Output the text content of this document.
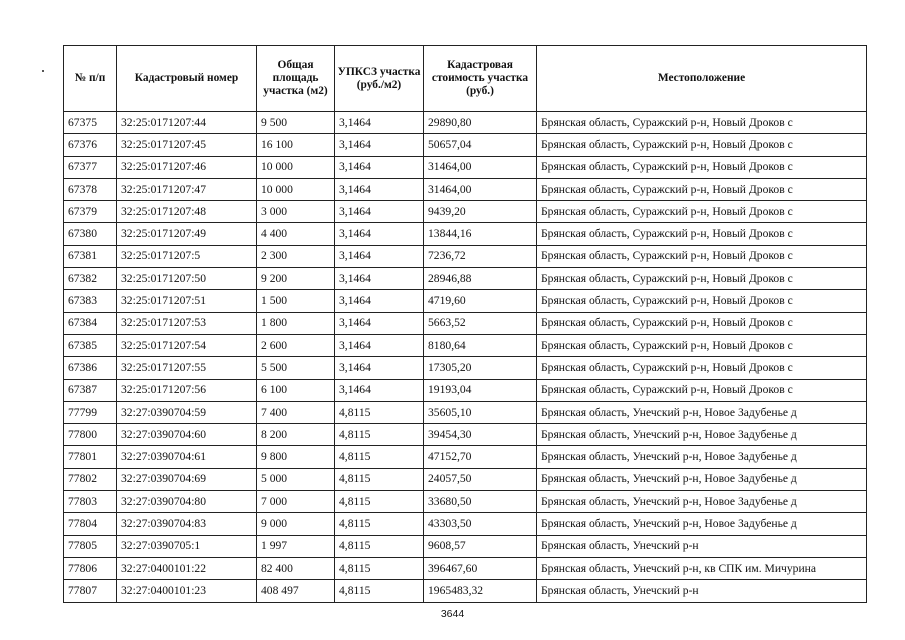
№ п/п	Кадастровый номер	Общая площадь участка (м2)	УПКСЗ участка (руб./м2)	Кадастровая стоимость участка (руб.)	Местоположение
67375	32:25:0171207:44	9 500	3,1464	29890,80	Брянская область, Суражский р-н, Новый Дроков с
67376	32:25:0171207:45	16 100	3,1464	50657,04	Брянская область, Суражский р-н, Новый Дроков с
67377	32:25:0171207:46	10 000	3,1464	31464,00	Брянская область, Суражский р-н, Новый Дроков с
67378	32:25:0171207:47	10 000	3,1464	31464,00	Брянская область, Суражский р-н, Новый Дроков с
67379	32:25:0171207:48	3 000	3,1464	9439,20	Брянская область, Суражский р-н, Новый Дроков с
67380	32:25:0171207:49	4 400	3,1464	13844,16	Брянская область, Суражский р-н, Новый Дроков с
67381	32:25:0171207:5	2 300	3,1464	7236,72	Брянская область, Суражский р-н, Новый Дроков с
67382	32:25:0171207:50	9 200	3,1464	28946,88	Брянская область, Суражский р-н, Новый Дроков с
67383	32:25:0171207:51	1 500	3,1464	4719,60	Брянская область, Суражский р-н, Новый Дроков с
67384	32:25:0171207:53	1 800	3,1464	5663,52	Брянская область, Суражский р-н, Новый Дроков с
67385	32:25:0171207:54	2 600	3,1464	8180,64	Брянская область, Суражский р-н, Новый Дроков с
67386	32:25:0171207:55	5 500	3,1464	17305,20	Брянская область, Суражский р-н, Новый Дроков с
67387	32:25:0171207:56	6 100	3,1464	19193,04	Брянская область, Суражский р-н, Новый Дроков с
77799	32:27:0390704:59	7 400	4,8115	35605,10	Брянская область, Унечский р-н, Новое Задубенье д
77800	32:27:0390704:60	8 200	4,8115	39454,30	Брянская область, Унечский р-н, Новое Задубенье д
77801	32:27:0390704:61	9 800	4,8115	47152,70	Брянская область, Унечский р-н, Новое Задубенье д
77802	32:27:0390704:69	5 000	4,8115	24057,50	Брянская область, Унечский р-н, Новое Задубенье д
77803	32:27:0390704:80	7 000	4,8115	33680,50	Брянская область, Унечский р-н, Новое Задубенье д
77804	32:27:0390704:83	9 000	4,8115	43303,50	Брянская область, Унечский р-н, Новое Задубенье д
77805	32:27:0390705:1	1 997	4,8115	9608,57	Брянская область, Унечский р-н
77806	32:27:0400101:22	82 400	4,8115	396467,60	Брянская область, Унечский р-н, кв СПК им. Мичурина
77807	32:27:0400101:23	408 497	4,8115	1965483,32	Брянская область, Унечский р-н
3644
